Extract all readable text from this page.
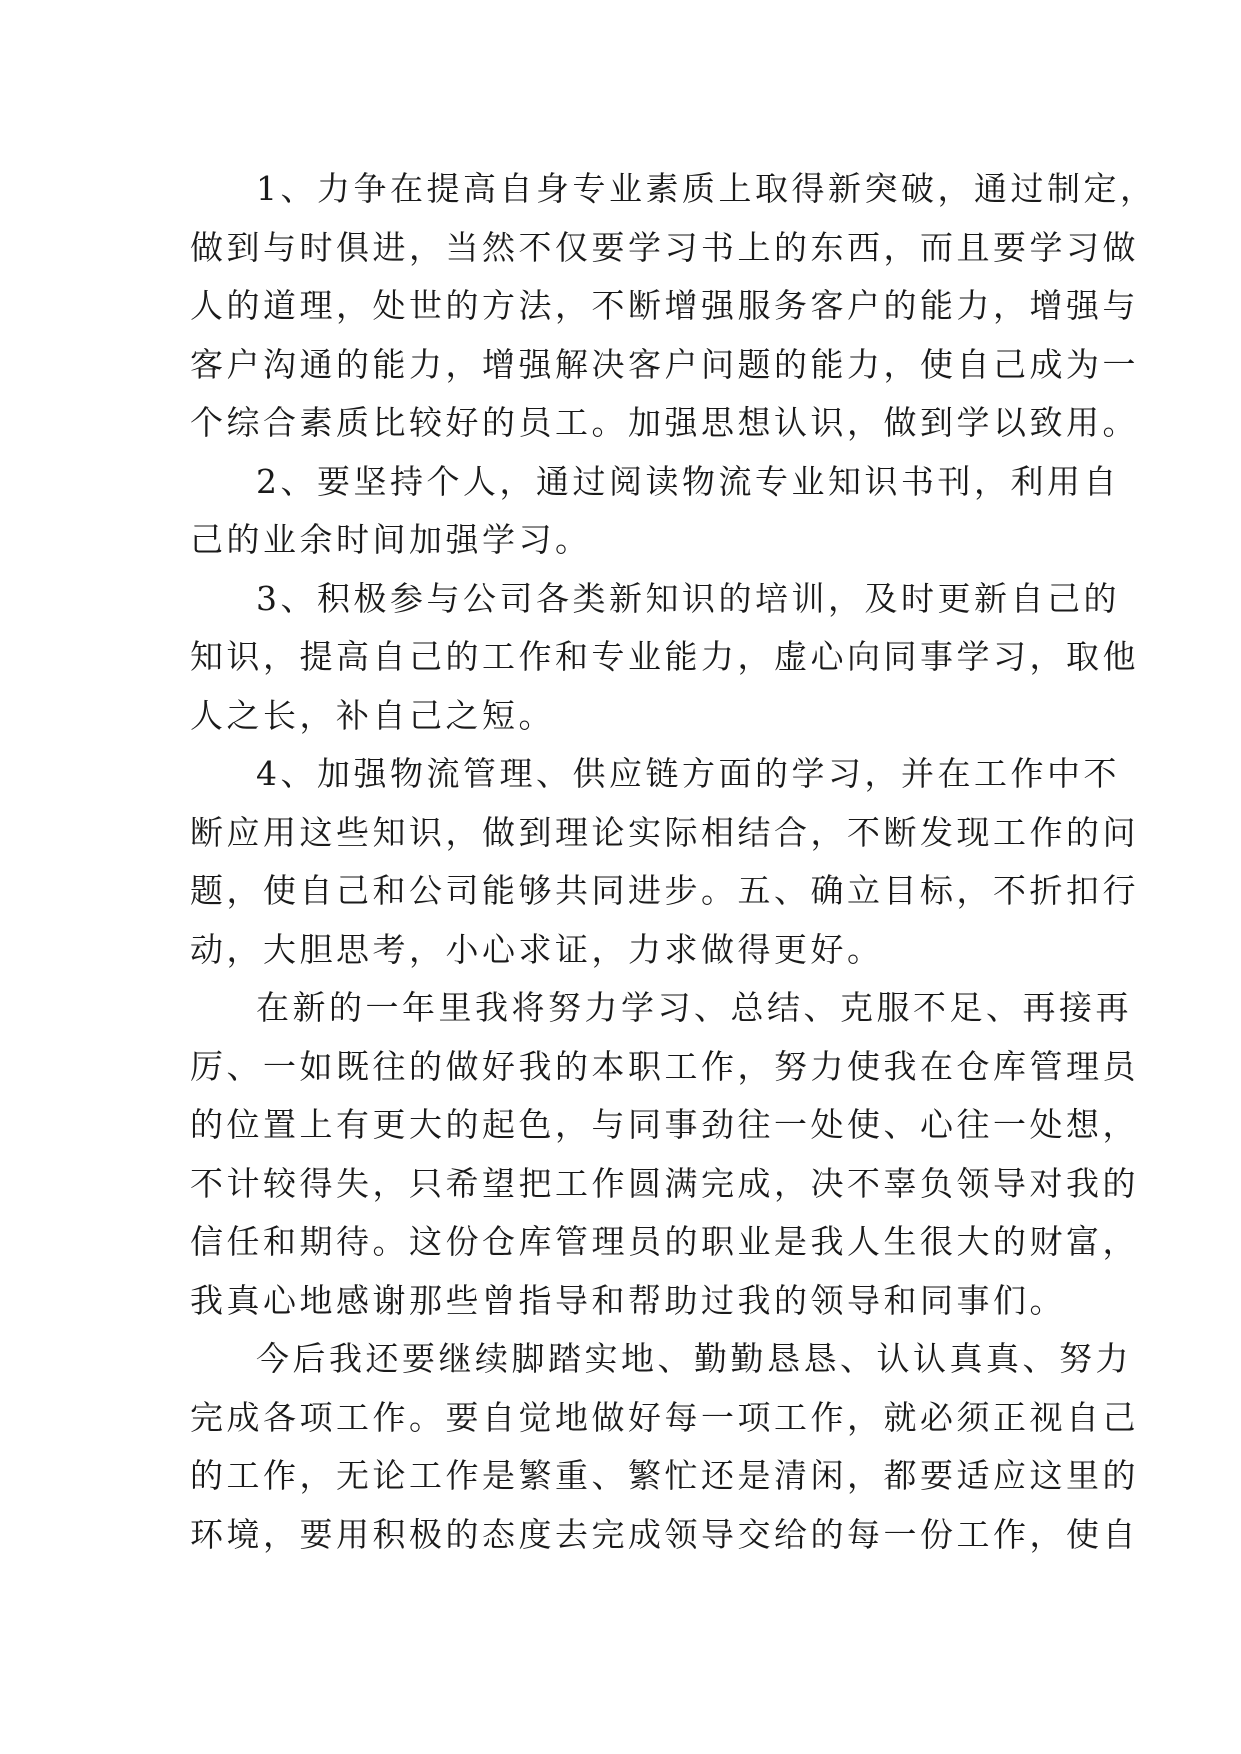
1、力争在提高自身专业素质上取得新突破，通过制定，
做到与时俱进，当然不仅要学习书上的东西，而且要学习做
人的道理，处世的方法，不断增强服务客户的能力，增强与
客户沟通的能力，增强解决客户问题的能力，使自己成为一
个综合素质比较好的员工。加强思想认识，做到学以致用。
2、要坚持个人，通过阅读物流专业知识书刊，利用自
己的业余时间加强学习。
3、积极参与公司各类新知识的培训，及时更新自己的
知识，提高自己的工作和专业能力，虚心向同事学习，取他
人之长，补自己之短。
4、加强物流管理、供应链方面的学习，并在工作中不
断应用这些知识，做到理论实际相结合，不断发现工作的问
题，使自己和公司能够共同进步。五、确立目标，不折扣行
动，大胆思考，小心求证，力求做得更好。
在新的一年里我将努力学习、总结、克服不足、再接再
厉、一如既往的做好我的本职工作，努力使我在仓库管理员
的位置上有更大的起色，与同事劲往一处使、心往一处想，
不计较得失，只希望把工作圆满完成，决不辜负领导对我的
信任和期待。这份仓库管理员的职业是我人生很大的财富，
我真心地感谢那些曾指导和帮助过我的领导和同事们。
今后我还要继续脚踏实地、勤勤恳恳、认认真真、努力
完成各项工作。要自觉地做好每一项工作，就必须正视自己
的工作，无论工作是繁重、繁忙还是清闲，都要适应这里的
环境，要用积极的态度去完成领导交给的每一份工作，使自
